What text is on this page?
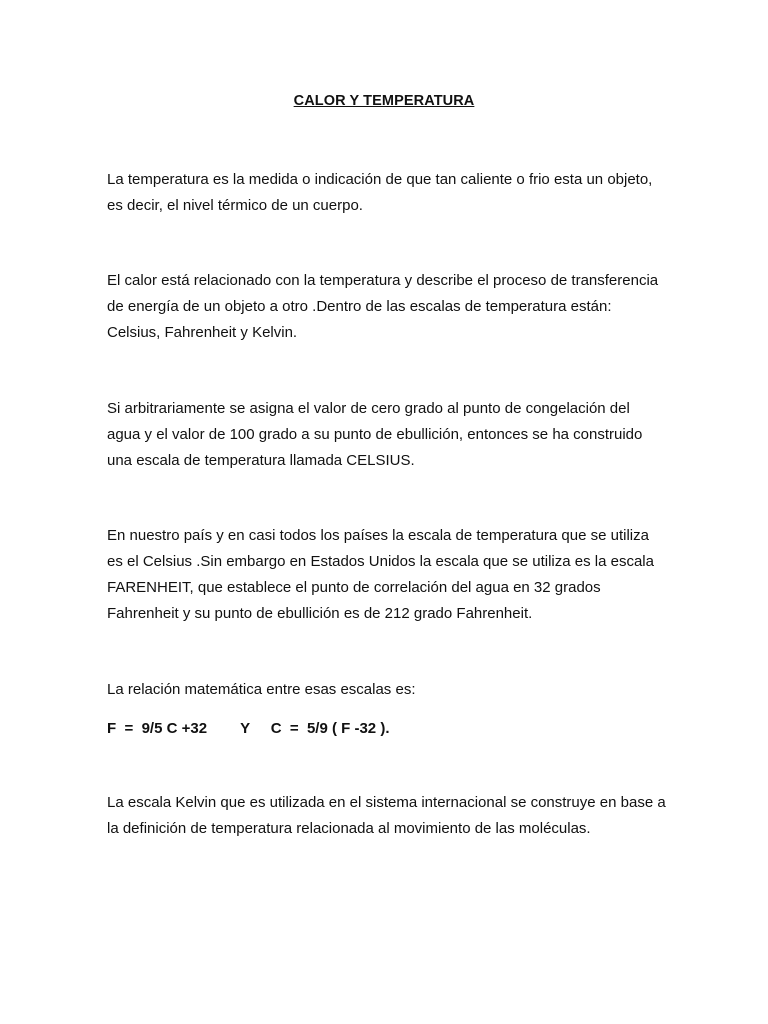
CALOR Y TEMPERATURA

La temperatura es la medida o indicación de que tan caliente o frio esta un objeto, es decir, el nivel térmico de un cuerpo.

El calor está relacionado con la temperatura y describe el proceso de transferencia de energía de un objeto a otro .Dentro de las escalas de temperatura están: Celsius, Fahrenheit y Kelvin.

Si arbitrariamente se asigna el valor de cero grado al punto de congelación del agua y el valor de 100 grado a su punto de ebullición, entonces se ha construido una escala de temperatura llamada CELSIUS.

En nuestro país y en casi todos los países la escala de temperatura que se utiliza es el Celsius .Sin embargo en Estados Unidos la escala que se utiliza es la escala FARENHEIT, que establece el punto de correlación del agua en 32 grados Fahrenheit y su punto de ebullición es de 212 grado Fahrenheit.

La relación matemática entre esas escalas es:

F  =  9/5 C +32        Y     C  =  5/9 ( F -32 ).

La escala Kelvin que es utilizada en el sistema internacional se construye en base a la definición de temperatura relacionada al movimiento de las moléculas.
